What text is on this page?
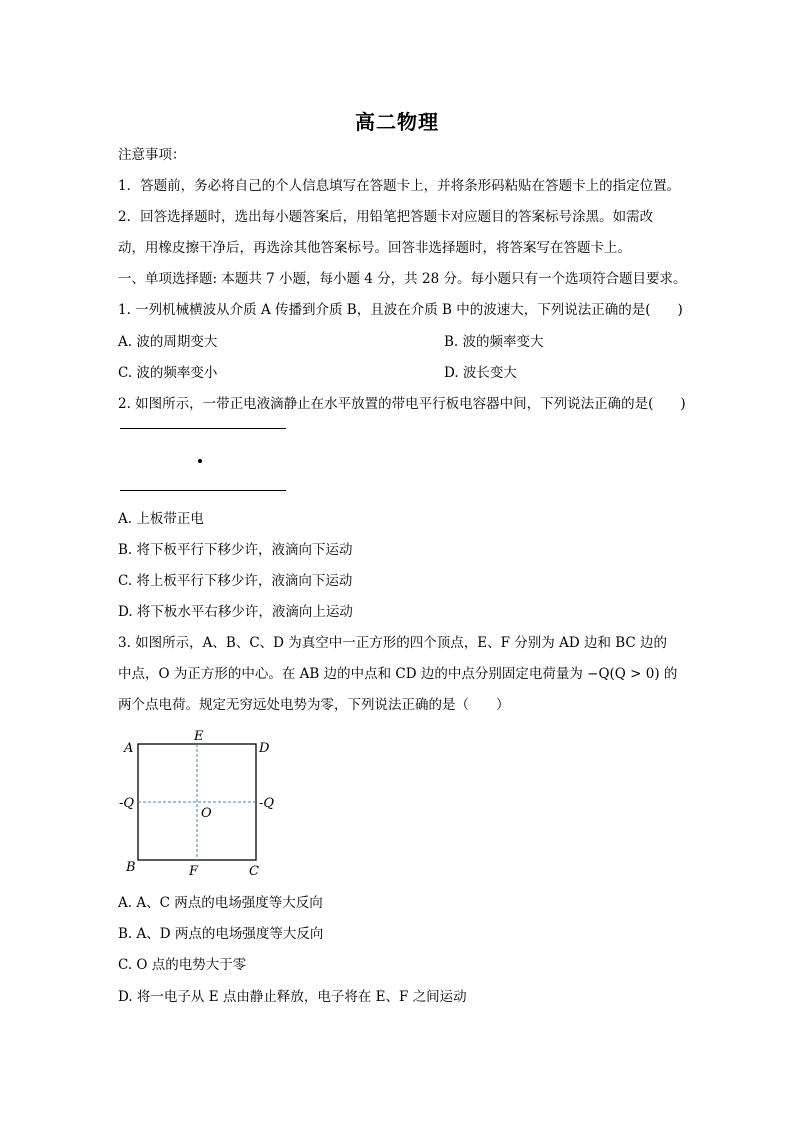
高二物理
注意事项：
1．答题前，务必将自己的个人信息填写在答题卡上，并将条形码粘贴在答题卡上的指定位置。
2．回答选择题时，选出每小题答案后，用铅笔把答题卡对应题目的答案标号涂黑。如需改
动，用橡皮擦干净后，再选涂其他答案标号。回答非选择题时，将答案写在答题卡上。
一、单项选择题: 本题共 7 小题，每小题 4 分，共 28 分。每小题只有一个选项符合题目要求。
1. 一列机械横波从介质 A 传播到介质 B，且波在介质 B 中的波速大，下列说法正确的是(　　)
A. 波的周期变大	B. 波的频率变大
C. 波的频率变小	D. 波长变大
2. 如图所示，一带正电液滴静止在水平放置的带电平行板电容器中间，下列说法正确的是(　　)
A. 上板带正电
B. 将下板平行下移少许，液滴向下运动
C. 将上板平行下移少许，液滴向下运动
D. 将下板水平右移少许，液滴向上运动
3. 如图所示，A、B、C、D 为真空中一正方形的四个顶点，E、F 分别为 AD 边和 BC 边的
中点，O 为正方形的中心。在 AB 边的中点和 CD 边的中点分别固定电荷量为 −Q(Q > 0) 的
两个点电荷。规定无穷远处电势为零，下列说法正确的是（　　）
A	D
B	C
E
F
O
-Q	-Q
A. A、C 两点的电场强度等大反向
B. A、D 两点的电场强度等大反向
C. O 点的电势大于零
D. 将一电子从 E 点由静止释放，电子将在 E、F 之间运动
